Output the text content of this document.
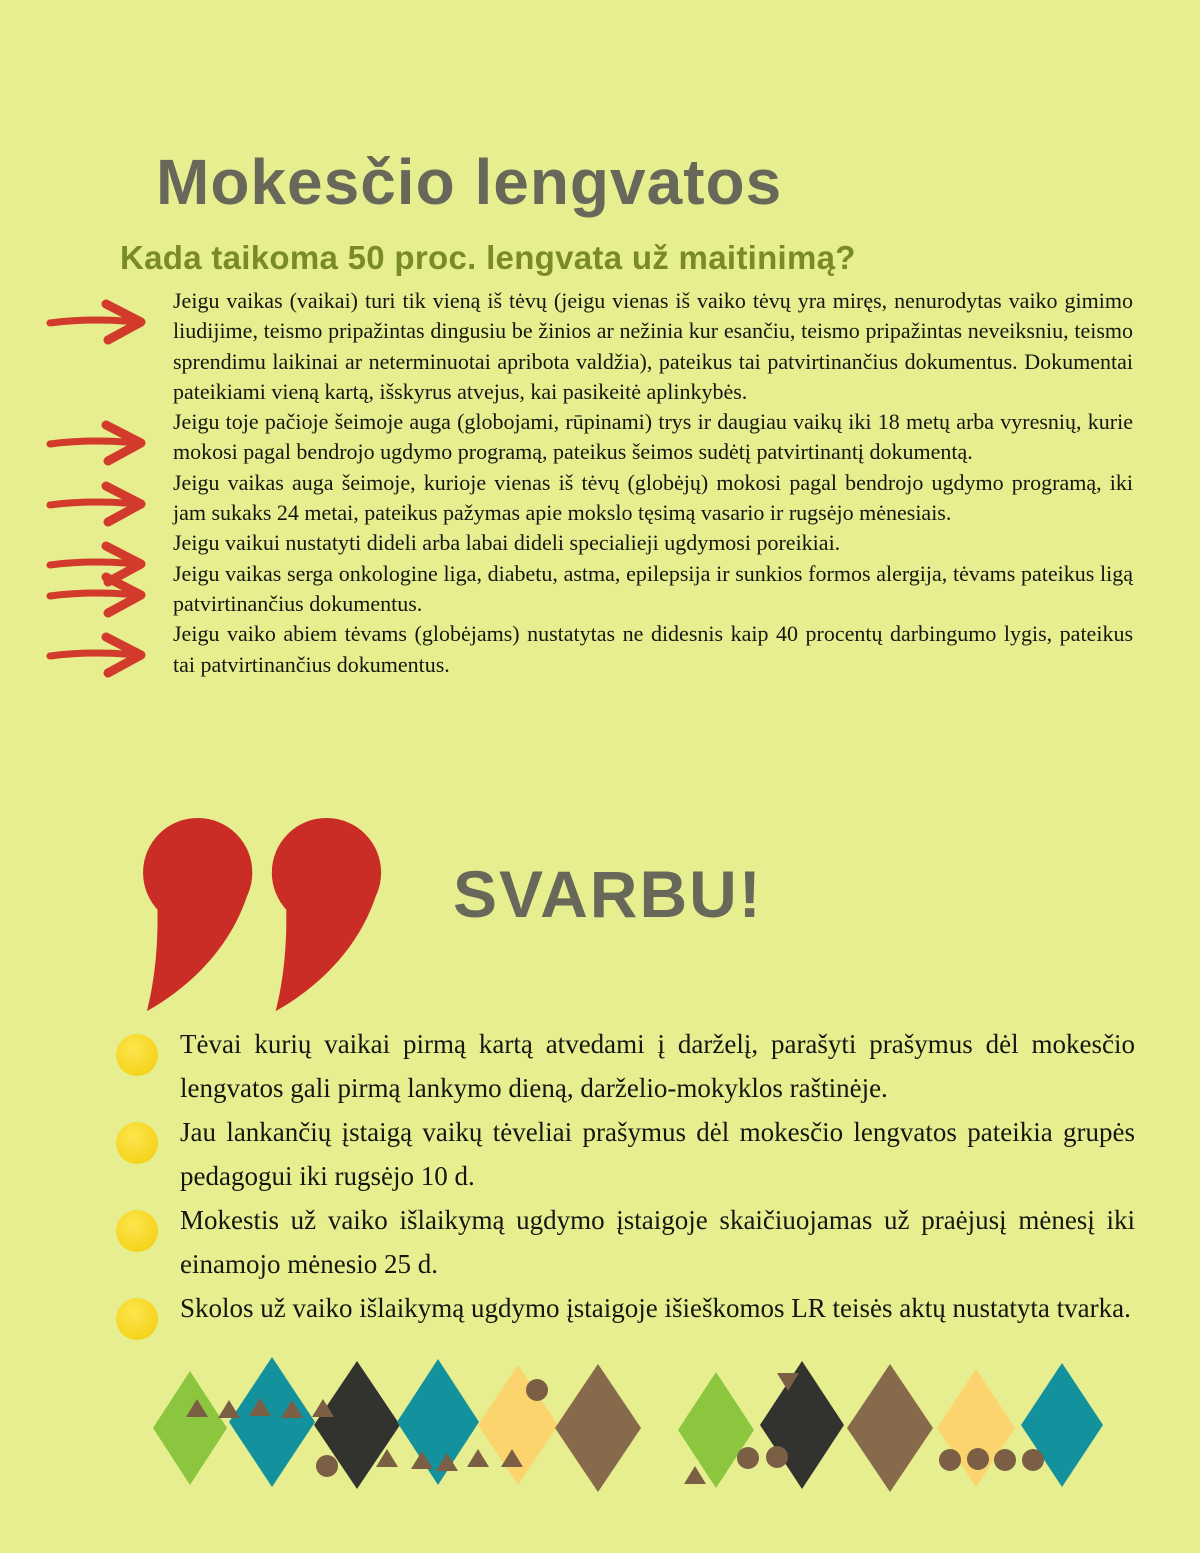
Mokesčio lengvatos
Kada taikoma 50 proc. lengvata už maitinimą?

Jeigu vaikas (vaikai) turi tik vieną iš tėvų (jeigu vienas iš vaiko tėvų yra miręs, nenurodytas vaiko gimimo liudijime, teismo pripažintas dingusiu be žinios ar nežinia kur esančiu, teismo pripažintas neveiksniu, teismo sprendimu laikinai ar neterminuotai apribota valdžia), pateikus tai patvirtinančius dokumentus. Dokumentai pateikiami vieną kartą, išskyrus atvejus, kai pasikeitė aplinkybės.

Jeigu toje pačioje šeimoje auga (globojami, rūpinami) trys ir daugiau vaikų iki 18 metų arba vyresnių, kurie mokosi pagal bendrojo ugdymo programą, pateikus šeimos sudėtį patvirtinantį dokumentą.

Jeigu vaikas auga šeimoje, kurioje vienas iš tėvų (globėjų) mokosi pagal bendrojo ugdymo programą, iki jam sukaks 24 metai, pateikus pažymas apie mokslo tęsimą vasario ir rugsėjo mėnesiais.

Jeigu vaikui nustatyti dideli arba labai dideli specialieji ugdymosi poreikiai.

Jeigu vaikas serga onkologine liga, diabetu, astma, epilepsija ir sunkios formos alergija, tėvams pateikus ligą patvirtinančius dokumentus.

Jeigu vaiko abiem tėvams (globėjams) nustatytas ne didesnis kaip 40 procentų darbingumo lygis, pateikus tai patvirtinančius dokumentus.

SVARBU!

Tėvai kurių vaikai pirmą kartą atvedami į darželį, parašyti prašymus dėl mokesčio lengvatos gali pirmą lankymo dieną, darželio-mokyklos raštinėje.

Jau lankančių įstaigą vaikų tėveliai prašymus dėl mokesčio lengvatos pateikia grupės pedagogui iki rugsėjo 10 d.

Mokestis už vaiko išlaikymą ugdymo įstaigoje skaičiuojamas už praėjusį mėnesį iki einamojo mėnesio 25 d.

Skolos už vaiko išlaikymą ugdymo įstaigoje išieškomos LR teisės aktų nustatyta tvarka.
